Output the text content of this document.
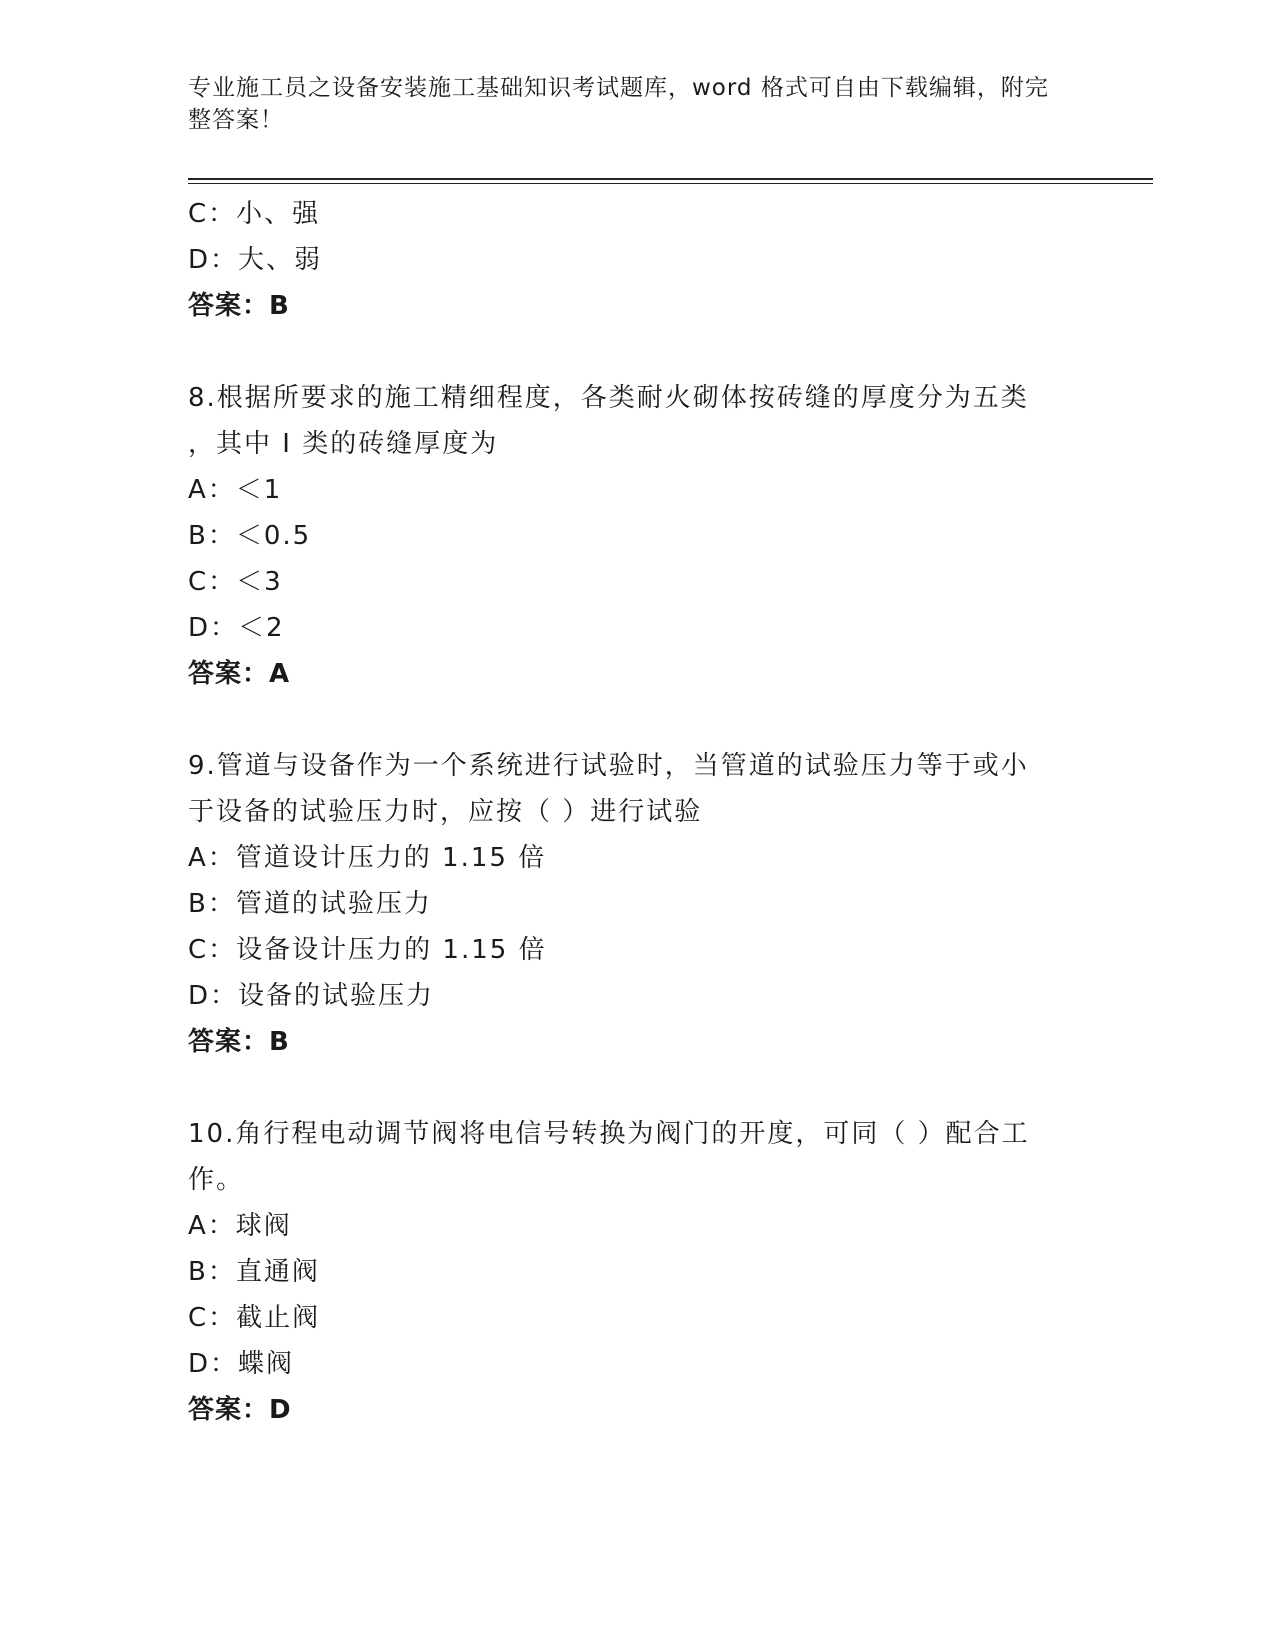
专业施工员之设备安装施工基础知识考试题库，word 格式可自由下载编辑，附完
整答案！
C：小、强
D：大、弱
答案：B
8.根据所要求的施工精细程度，各类耐火砌体按砖缝的厚度分为五类
，其中 I 类的砖缝厚度为
A：＜1
B：＜0.5
C：＜3
D：＜2
答案：A
9.管道与设备作为一个系统进行试验时，当管道的试验压力等于或小
于设备的试验压力时，应按（ ）进行试验
A：管道设计压力的 1.15 倍
B：管道的试验压力
C：设备设计压力的 1.15 倍
D：设备的试验压力
答案：B
10.角行程电动调节阀将电信号转换为阀门的开度，可同（ ）配合工
作。
A：球阀
B：直通阀
C：截止阀
D：蝶阀
答案：D
